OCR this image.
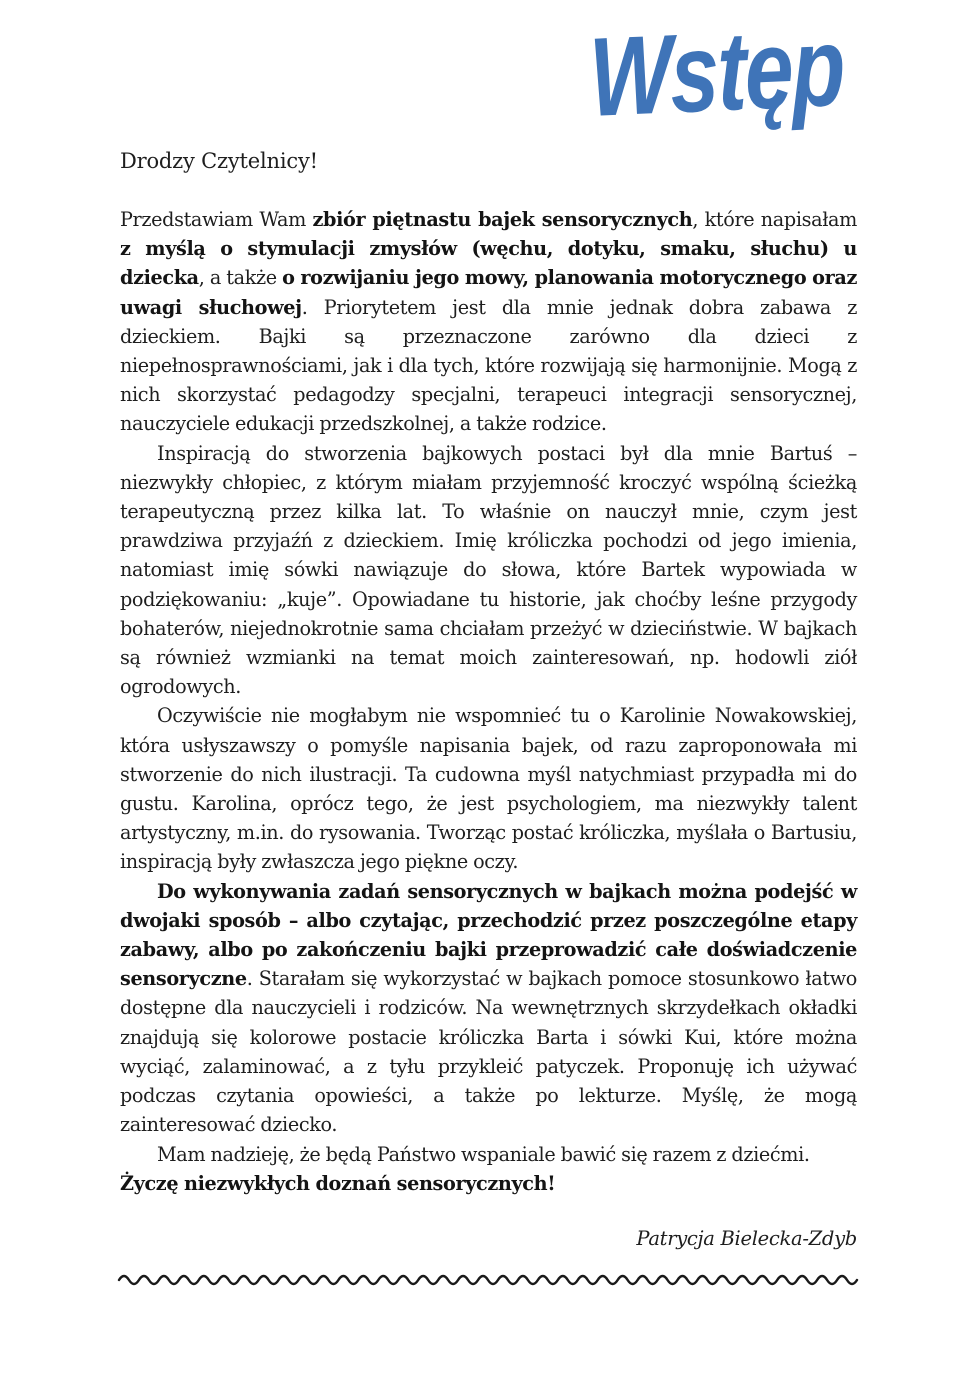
Wstęp
Drodzy Czytelnicy!

Przedstawiam Wam zbiór piętnastu bajek sensorycznych, które napisałam z myślą o stymulacji zmysłów (węchu, dotyku, smaku, słuchu) u dziecka, a także o rozwijaniu jego mowy, planowania motorycznego oraz uwagi słuchowej. Priorytetem jest dla mnie jednak dobra zabawa z dzieckiem. Bajki są przeznaczone zarówno dla dzieci z niepełnosprawnościami, jak i dla tych, które rozwijają się harmonijnie. Mogą z nich skorzystać pedagodzy specjalni, terapeuci integracji sensorycznej, nauczyciele edukacji przedszkolnej, a także rodzice.

Inspiracją do stworzenia bajkowych postaci był dla mnie Bartuś – niezwykły chłopiec, z którym miałam przyjemność kroczyć wspólną ścieżką terapeutyczną przez kilka lat. To właśnie on nauczył mnie, czym jest prawdziwa przyjaźń z dzieckiem. Imię króliczka pochodzi od jego imienia, natomiast imię sówki nawiązuje do słowa, które Bartek wypowiada w podziękowaniu: „kuje”. Opowiadane tu historie, jak choćby leśne przygody bohaterów, niejednokrotnie sama chciałam przeżyć w dzieciństwie. W bajkach są również wzmianki na temat moich zainteresowań, np. hodowli ziół ogrodowych.

Oczywiście nie mogłabym nie wspomnieć tu o Karolinie Nowakowskiej, która usłyszawszy o pomyśle napisania bajek, od razu zaproponowała mi stworzenie do nich ilustracji. Ta cudowna myśl natychmiast przypadła mi do gustu. Karolina, oprócz tego, że jest psychologiem, ma niezwykły talent artystyczny, m.in. do rysowania. Tworząc postać króliczka, myślała o Bartusiu, inspiracją były zwłaszcza jego piękne oczy.

Do wykonywania zadań sensorycznych w bajkach można podejść w dwojaki sposób – albo czytając, przechodzić przez poszczególne etapy zabawy, albo po zakończeniu bajki przeprowadzić całe doświadczenie sensoryczne. Starałam się wykorzystać w bajkach pomoce stosunkowo łatwo dostępne dla nauczycieli i rodziców. Na wewnętrznych skrzydełkach okładki znajdują się kolorowe postacie króliczka Barta i sówki Kui, które można wyciąć, zalaminować, a z tyłu przykleić patyczek. Proponuję ich używać podczas czytania opowieści, a także po lekturze. Myślę, że mogą zainteresować dziecko.

Mam nadzieję, że będą Państwo wspaniale bawić się razem z dziećmi.

Życzę niezwykłych doznań sensorycznych!

Patrycja Bielecka-Zdyb
